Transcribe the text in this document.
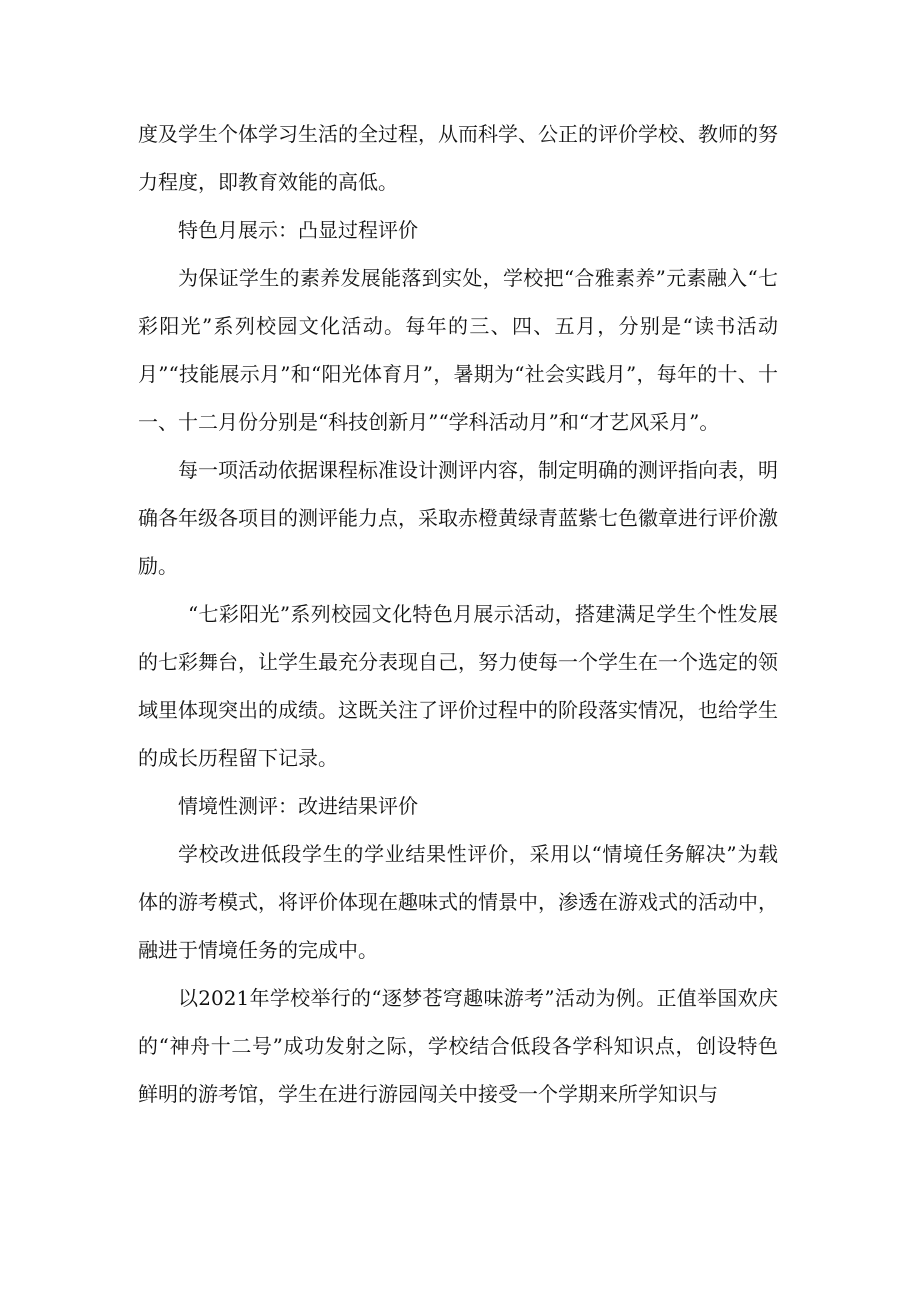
度及学生个体学习生活的全过程，从而科学、公正的评价学校、教师的努力程度，即教育效能的高低。

特色月展示：凸显过程评价

为保证学生的素养发展能落到实处，学校把“合雅素养”元素融入“七彩阳光”系列校园文化活动。每年的三、四、五月，分别是“读书活动月”“技能展示月”和“阳光体育月”，暑期为“社会实践月”，每年的十、十一、十二月份分别是“科技创新月”“学科活动月”和“才艺风采月”。

每一项活动依据课程标准设计测评内容，制定明确的测评指向表，明确各年级各项目的测评能力点，采取赤橙黄绿青蓝紫七色徽章进行评价激励。

“七彩阳光”系列校园文化特色月展示活动，搭建满足学生个性发展的七彩舞台，让学生最充分表现自己，努力使每一个学生在一个选定的领域里体现突出的成绩。这既关注了评价过程中的阶段落实情况，也给学生的成长历程留下记录。

情境性测评：改进结果评价

学校改进低段学生的学业结果性评价，采用以“情境任务解决”为载体的游考模式，将评价体现在趣味式的情景中，渗透在游戏式的活动中，融进于情境任务的完成中。

以2021年学校举行的“逐梦苍穹趣味游考”活动为例。正值举国欢庆的“神舟十二号”成功发射之际，学校结合低段各学科知识点，创设特色鲜明的游考馆，学生在进行游园闯关中接受一个学期来所学知识与
